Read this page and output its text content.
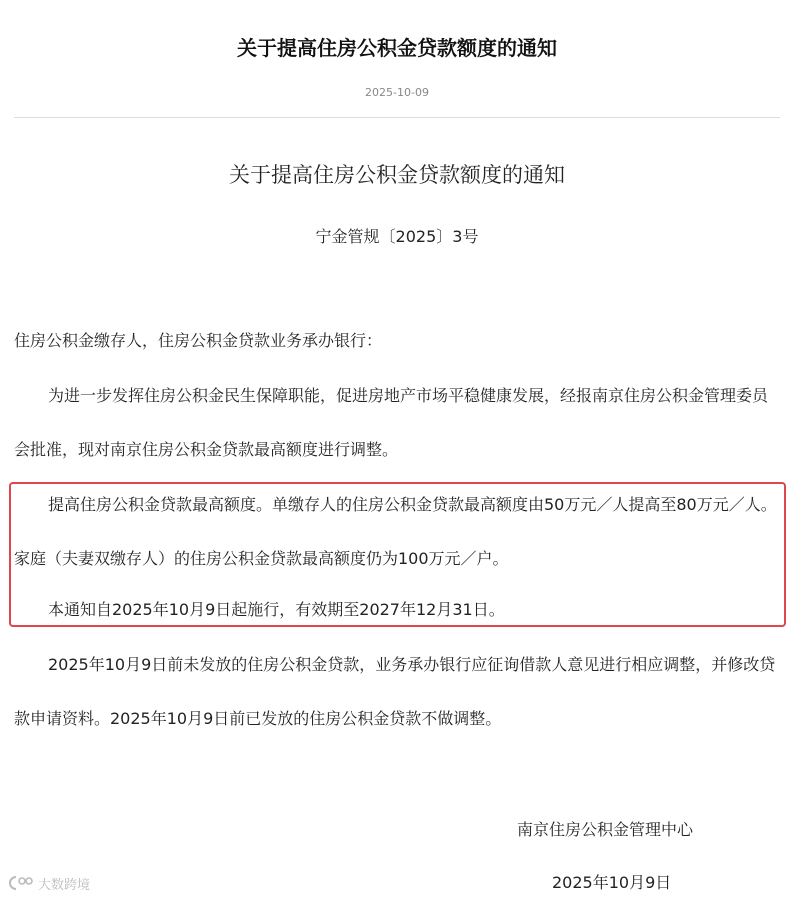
关于提高住房公积金贷款额度的通知
2025-10-09
关于提高住房公积金贷款额度的通知
宁金管规〔2025〕3号

住房公积金缴存人，住房公积金贷款业务承办银行：

为进一步发挥住房公积金民生保障职能，促进房地产市场平稳健康发展，经报南京住房公积金管理委员会批准，现对南京住房公积金贷款最高额度进行调整。

提高住房公积金贷款最高额度。单缴存人的住房公积金贷款最高额度由50万元／人提高至80万元／人。家庭（夫妻双缴存人）的住房公积金贷款最高额度仍为100万元／户。

本通知自2025年10月9日起施行，有效期至2027年12月31日。

2025年10月9日前未发放的住房公积金贷款，业务承办银行应征询借款人意见进行相应调整，并修改贷款申请资料。2025年10月9日前已发放的住房公积金贷款不做调整。

南京住房公积金管理中心
2025年10月9日
大数跨境
